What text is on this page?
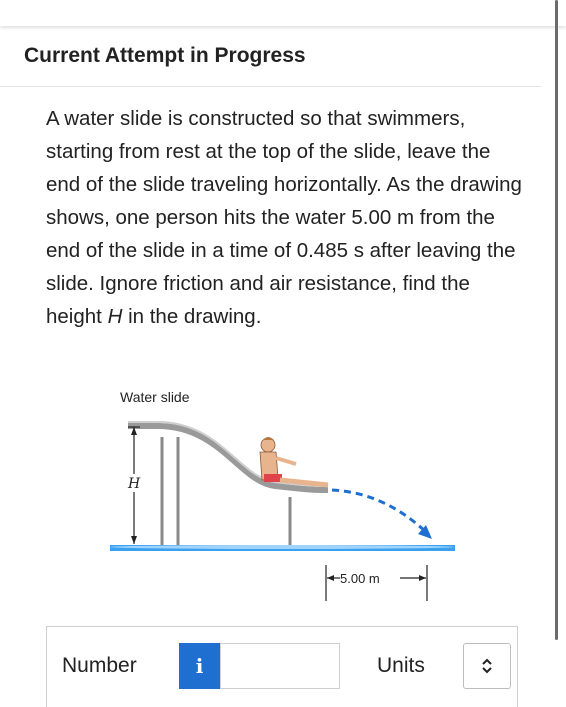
Current Attempt in Progress
A water slide is constructed so that swimmers, starting from rest at the top of the slide, leave the end of the slide traveling horizontally. As the drawing shows, one person hits the water 5.00 m from the end of the slide in a time of 0.485 s after leaving the slide. Ignore friction and air resistance, find the height H in the drawing.
Water slide
H
5.00 m
Number	i	Units
